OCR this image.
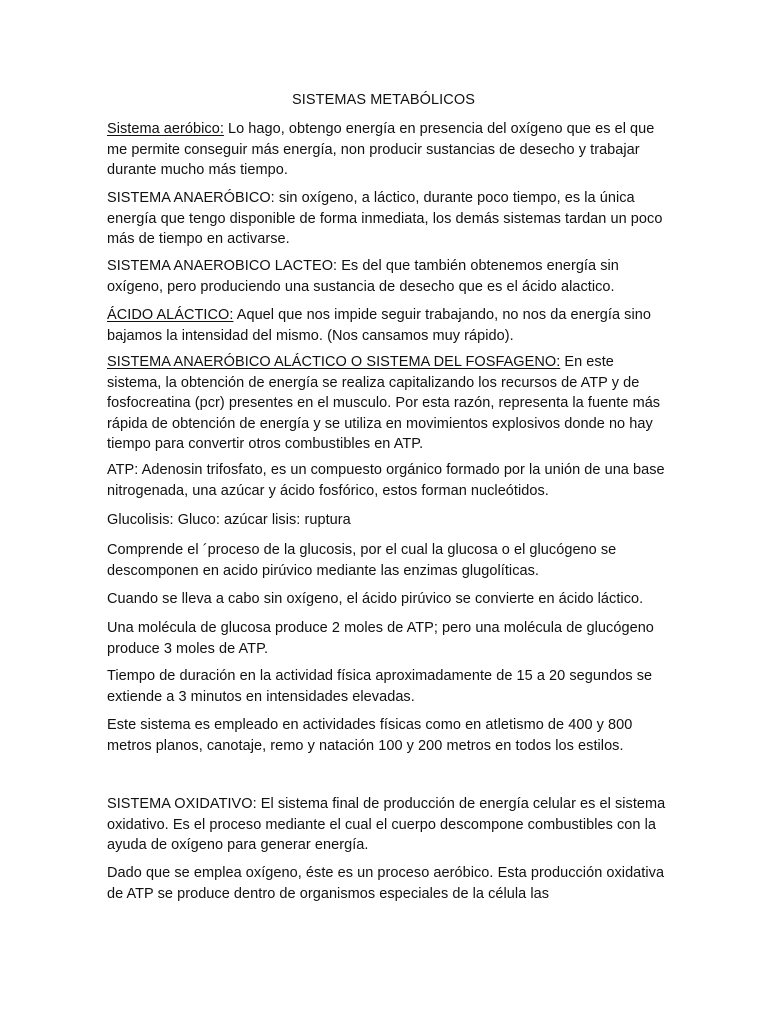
SISTEMAS METABÓLICOS

Sistema aeróbico: Lo hago, obtengo energía en presencia del oxígeno que es el que me permite conseguir más energía, non producir sustancias de desecho y trabajar durante mucho más tiempo.

SISTEMA ANAERÓBICO: sin oxígeno, a láctico, durante poco tiempo, es la única energía que tengo disponible de forma inmediata, los demás sistemas tardan un poco más de tiempo en activarse.

SISTEMA ANAEROBICO LACTEO: Es del que también obtenemos energía sin oxígeno, pero produciendo una sustancia de desecho que es el ácido alactico.

ÁCIDO ALÁCTICO: Aquel que nos impide seguir trabajando, no nos da energía sino bajamos la intensidad del mismo. (Nos cansamos muy rápido).

SISTEMA ANAERÓBICO ALÁCTICO O SISTEMA DEL FOSFAGENO: En este sistema, la obtención de energía se realiza capitalizando los recursos de ATP y de fosfocreatina (pcr) presentes en el musculo. Por esta razón, representa la fuente más rápida de obtención de energía y se utiliza en movimientos explosivos donde no hay tiempo para convertir otros combustibles en ATP.

ATP: Adenosin trifosfato, es un compuesto orgánico formado por la unión de una base nitrogenada, una azúcar y ácido fosfórico, estos forman nucleótidos.

Glucolisis: Gluco: azúcar lisis: ruptura

Comprende el ´proceso de la glucosis, por el cual la glucosa o el glucógeno se descomponen en acido pirúvico mediante las enzimas glugolíticas.

Cuando se lleva a cabo sin oxígeno, el ácido pirúvico se convierte en ácido láctico.

Una molécula de glucosa produce 2 moles de ATP; pero una molécula de glucógeno produce 3 moles de ATP.

Tiempo de duración en la actividad física aproximadamente de 15 a 20 segundos se extiende a 3 minutos en intensidades elevadas.

Este sistema es empleado en actividades físicas como en atletismo de 400 y 800 metros planos, canotaje, remo y natación 100 y 200 metros en todos los estilos.

SISTEMA OXIDATIVO: El sistema final de producción de energía celular es el sistema oxidativo. Es el proceso mediante el cual el cuerpo descompone combustibles con la ayuda de oxígeno para generar energía.

Dado que se emplea oxígeno, éste es un proceso aeróbico. Esta producción oxidativa de ATP se produce dentro de organismos especiales de la célula las
